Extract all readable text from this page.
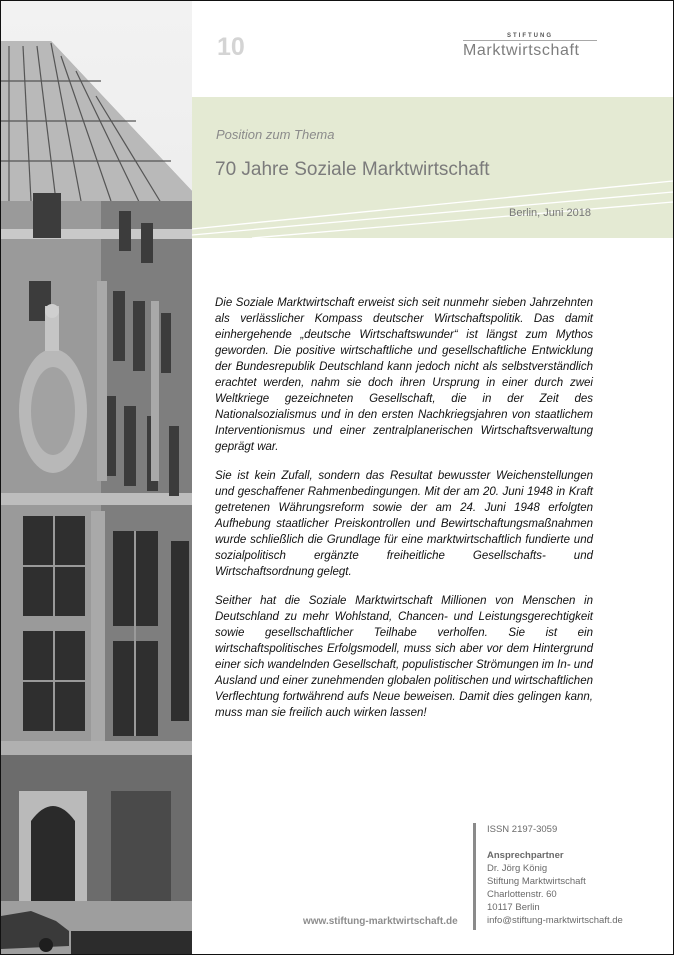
10	STIFTUNG
Marktwirtschaft
Position zum Thema
70 Jahre Soziale Marktwirtschaft
Berlin, Juni 2018

Die Soziale Marktwirtschaft erweist sich seit nunmehr sieben Jahrzehnten als verlässlicher Kompass deutscher Wirtschaftspolitik. Das damit einhergehende „deutsche Wirtschaftswunder“ ist längst zum Mythos geworden. Die positive wirtschaftliche und gesellschaftliche Entwicklung der Bundesrepublik Deutschland kann jedoch nicht als selbstverständlich erachtet werden, nahm sie doch ihren Ursprung in einer durch zwei Weltkriege gezeichneten Gesellschaft, die in der Zeit des Nationalsozialismus und in den ersten Nachkriegsjahren von staatlichem Interventionismus und einer zentralplanerischen Wirtschaftsverwaltung geprägt war.

Sie ist kein Zufall, sondern das Resultat bewusster Weichenstellungen und geschaffener Rahmenbedingungen. Mit der am 20. Juni 1948 in Kraft getretenen Währungsreform sowie der am 24. Juni 1948 erfolgten Aufhebung staatlicher Preiskontrollen und Bewirtschaftungsmaßnahmen wurde schließlich die Grundlage für eine marktwirtschaftlich fundierte und sozialpolitisch ergänzte freiheitliche Gesellschafts- und Wirtschaftsordnung gelegt.

Seither hat die Soziale Marktwirtschaft Millionen von Menschen in Deutschland zu mehr Wohlstand, Chancen- und Leistungsgerechtigkeit sowie gesellschaftlicher Teilhabe verholfen. Sie ist ein wirtschaftspolitisches Erfolgsmodell, muss sich aber vor dem Hintergrund einer sich wandelnden Gesellschaft, populistischer Strömungen im In- und Ausland und einer zunehmenden globalen politischen und wirtschaftlichen Verflechtung fortwährend aufs Neue beweisen. Damit dies gelingen kann, muss man sie freilich auch wirken lassen!

www.stiftung-marktwirtschaft.de
ISSN 2197-3059
Ansprechpartner
Dr. Jörg König
Stiftung Marktwirtschaft
Charlottenstr. 60
10117 Berlin
info@stiftung-marktwirtschaft.de
